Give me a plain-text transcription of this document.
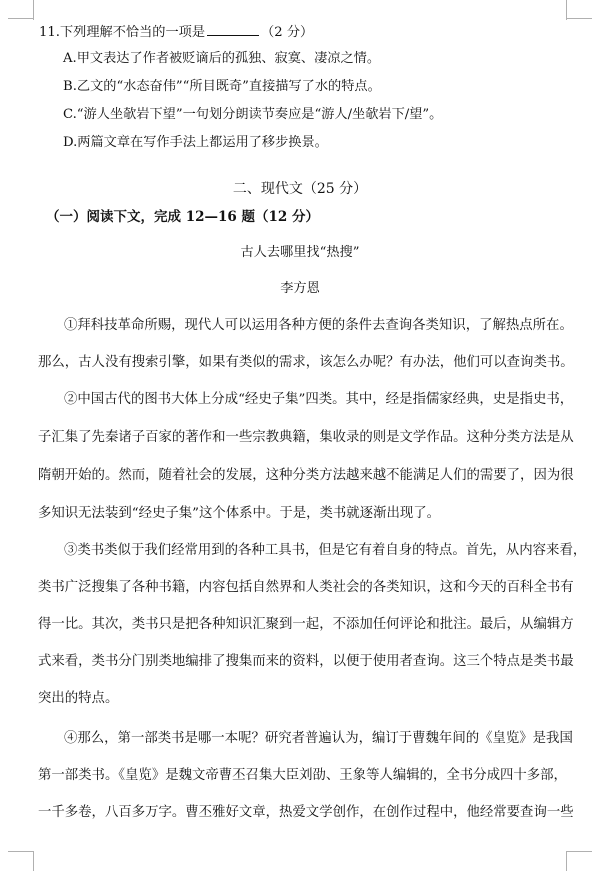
11.下列理解不恰当的一项是	（2 分）
A.甲文表达了作者被贬谪后的孤独、寂寞、凄凉之情。
B.乙文的“水态奋伟”“所目既奇”直接描写了水的特点。
C.“游人坐欹岩下望”一句划分朗读节奏应是“游人/坐欹岩下/望”。
D.两篇文章在写作手法上都运用了移步换景。
二、现代文（25 分）
（一）阅读下文，完成 12—16 题（12 分）
古人去哪里找“热搜”
李方恩
①拜科技革命所赐，现代人可以运用各种方便的条件去查询各类知识，了解热点所在。
那么，古人没有搜索引擎，如果有类似的需求，该怎么办呢？有办法，他们可以查询类书。
②中国古代的图书大体上分成“经史子集”四类。其中，经是指儒家经典，史是指史书，
子汇集了先秦诸子百家的著作和一些宗教典籍，集收录的则是文学作品。这种分类方法是从
隋朝开始的。然而，随着社会的发展，这种分类方法越来越不能满足人们的需要了，因为很
多知识无法装到“经史子集”这个体系中。于是，类书就逐渐出现了。
③类书类似于我们经常用到的各种工具书，但是它有着自身的特点。首先，从内容来看，
类书广泛搜集了各种书籍，内容包括自然界和人类社会的各类知识，这和今天的百科全书有
得一比。其次，类书只是把各种知识汇聚到一起，不添加任何评论和批注。最后，从编辑方
式来看，类书分门别类地编排了搜集而来的资料，以便于使用者查询。这三个特点是类书最
突出的特点。
④那么，第一部类书是哪一本呢？研究者普遍认为，编订于曹魏年间的《皇览》是我国
第一部类书。《皇览》是魏文帝曹丕召集大臣刘劭、王象等人编辑的，全书分成四十多部，
一千多卷，八百多万字。曹丕雅好文章，热爱文学创作，在创作过程中，他经常要查询一些
